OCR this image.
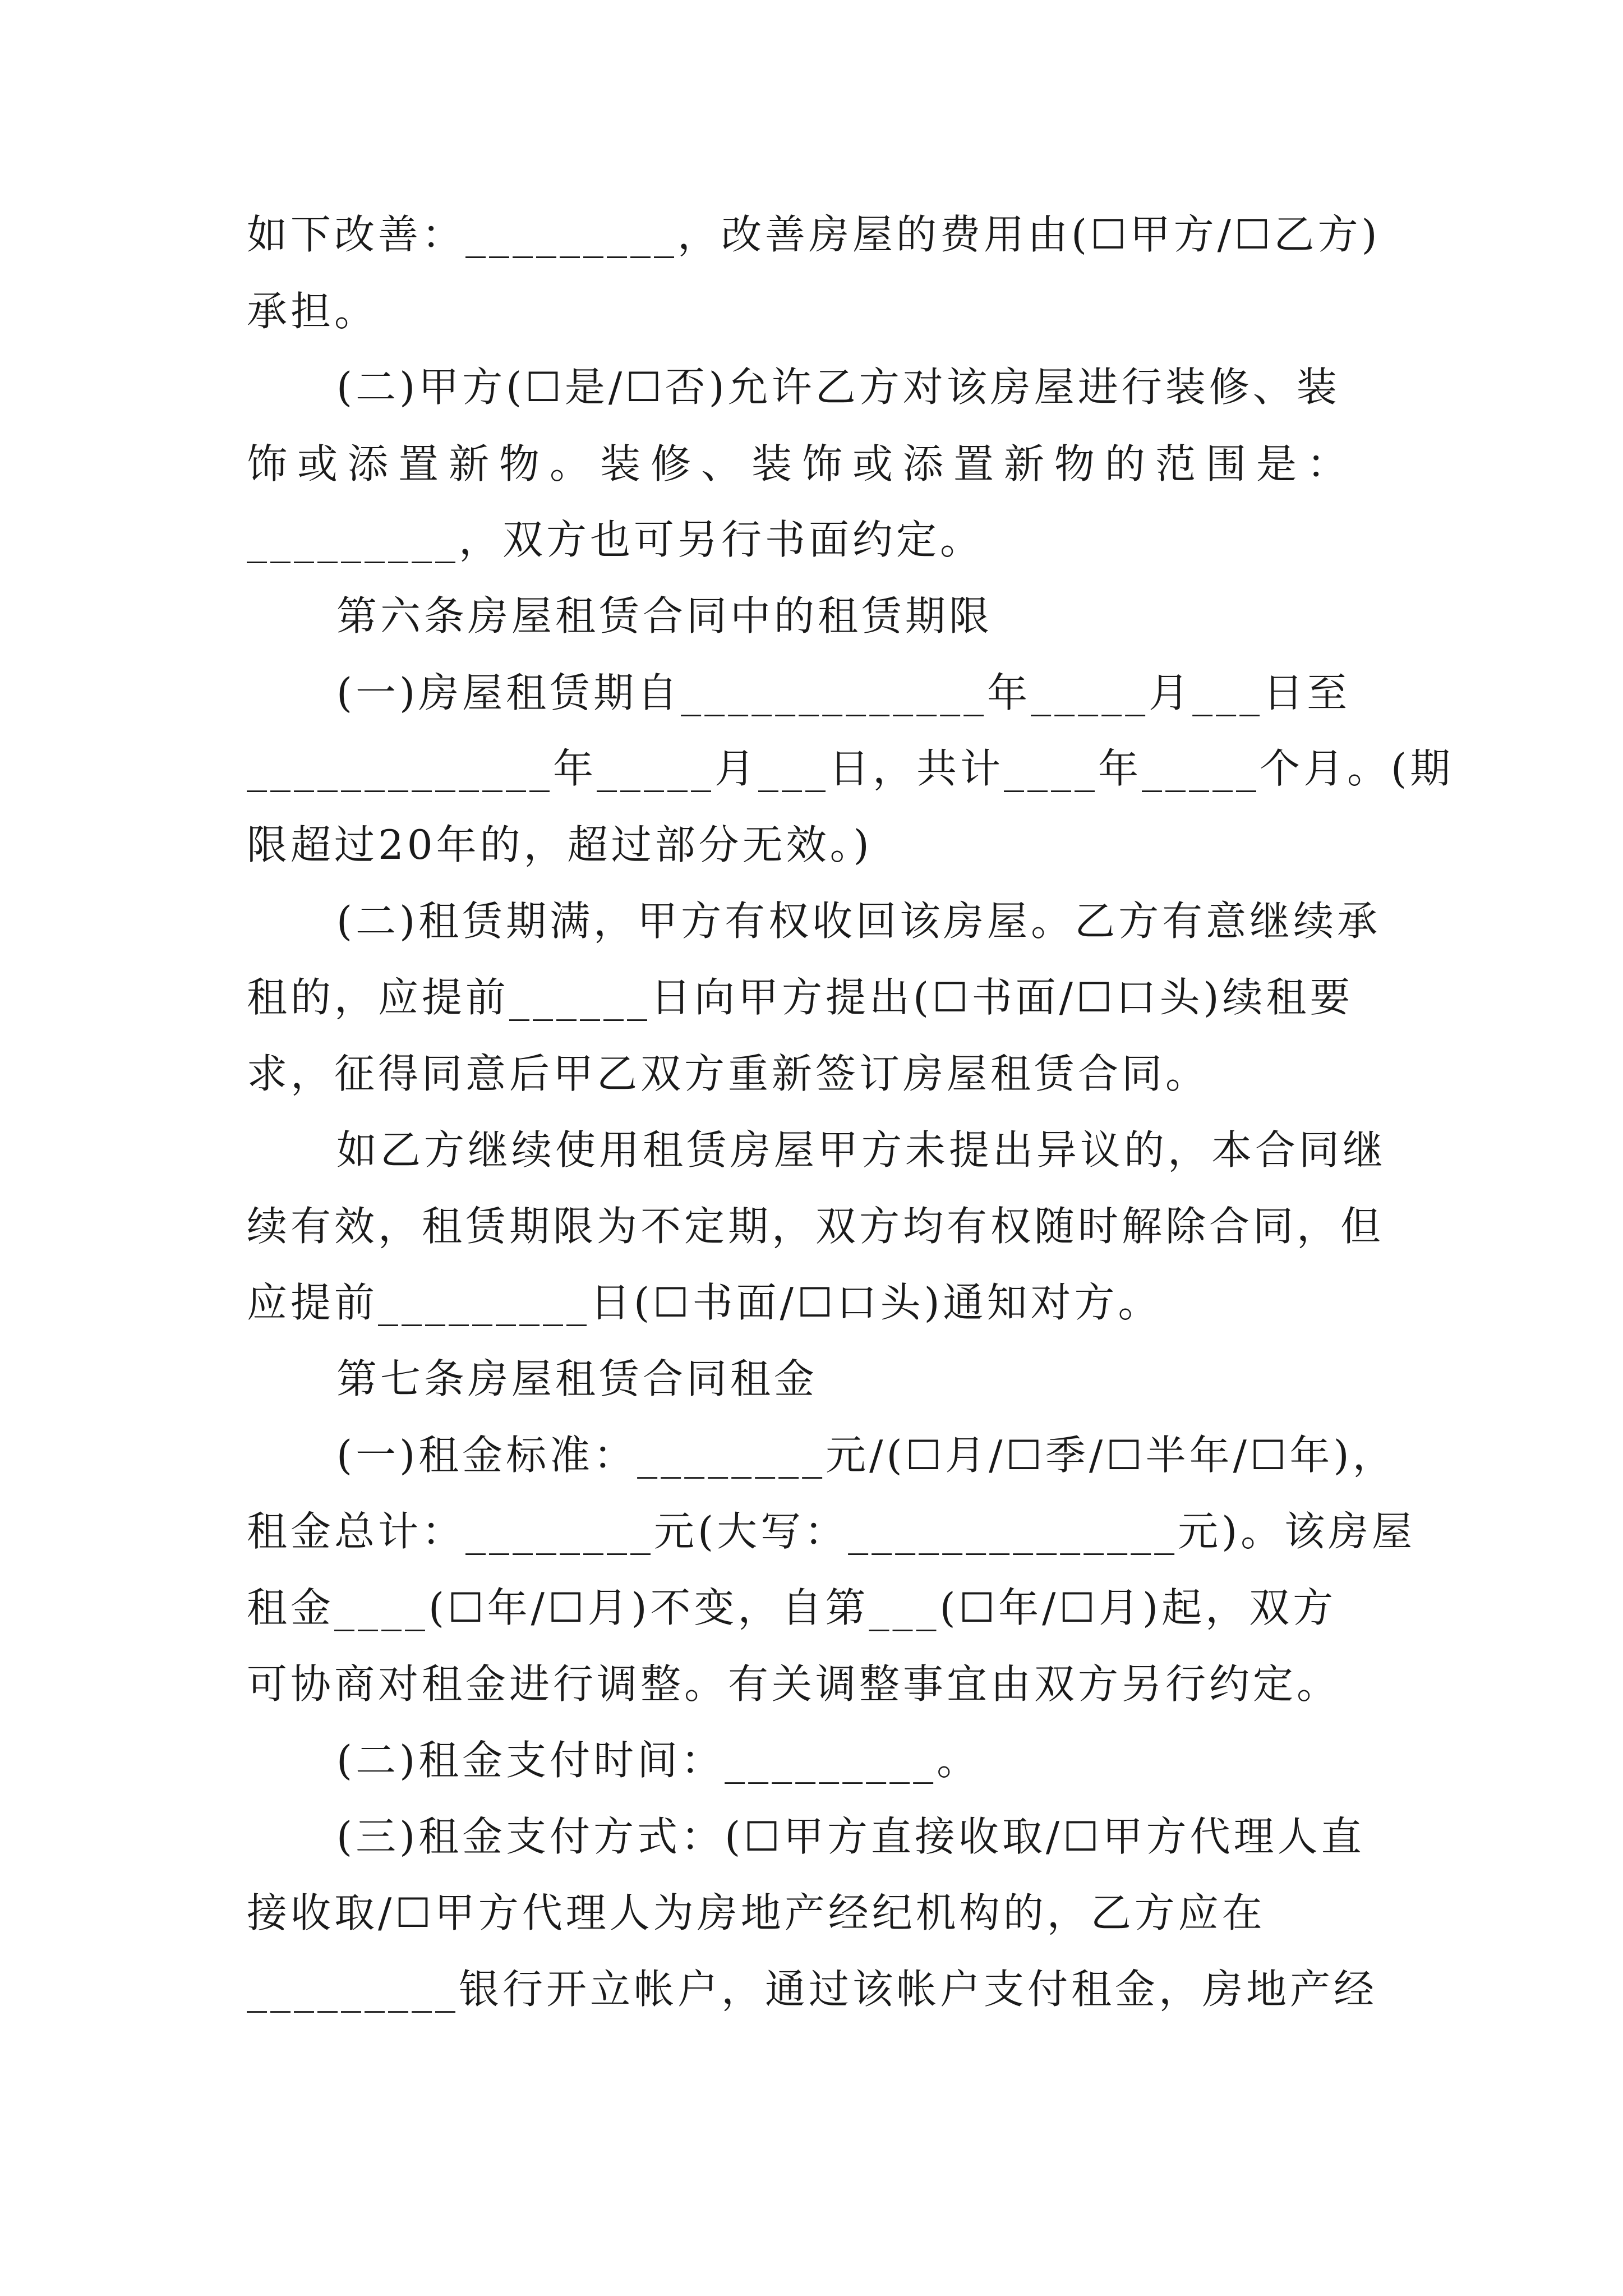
如下改善：_________，改善房屋的费用由(☐甲方/☐乙方)
承担。
(二)甲方(☐是/☐否)允许乙方对该房屋进行装修、装
饰或添置新物。装修、装饰或添置新物的范围是：
_________，双方也可另行书面约定。
第六条房屋租赁合同中的租赁期限
(一)房屋租赁期自_____________年_____月___日至
_____________年_____月___日，共计____年_____个月。(期
限超过20年的，超过部分无效。)
(二)租赁期满，甲方有权收回该房屋。乙方有意继续承
租的，应提前______日向甲方提出(☐书面/☐口头)续租要
求，征得同意后甲乙双方重新签订房屋租赁合同。
如乙方继续使用租赁房屋甲方未提出异议的，本合同继
续有效，租赁期限为不定期，双方均有权随时解除合同，但
应提前_________日(☐书面/☐口头)通知对方。
第七条房屋租赁合同租金
(一)租金标准：________元/(☐月/☐季/☐半年/☐年)，
租金总计：________元(大写：______________元)。该房屋
租金____(☐年/☐月)不变，自第___(☐年/☐月)起，双方
可协商对租金进行调整。有关调整事宜由双方另行约定。
(二)租金支付时间：_________。
(三)租金支付方式：(☐甲方直接收取/☐甲方代理人直
接收取/☐甲方代理人为房地产经纪机构的，乙方应在
_________银行开立帐户，通过该帐户支付租金，房地产经
